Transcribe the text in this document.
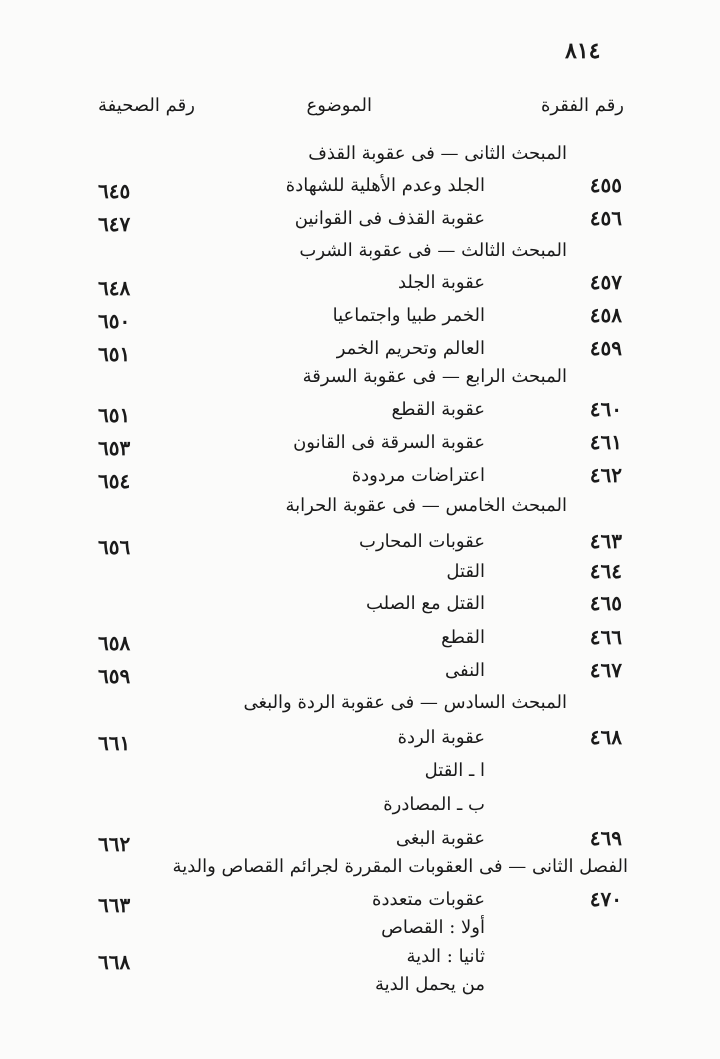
٨١٤
رقم الفقرة
الموضوع
رقم الصحيفة
المبحث الثانى — فى عقوبة القذف
٤٥٥
الجلد وعدم الأهلية للشهادة
٦٤٥
٤٥٦
عقوبة القذف فى القوانين
٦٤٧
المبحث الثالث — فى عقوبة الشرب
٤٥٧
عقوبة الجلد
٦٤٨
٤٥٨
الخمر طبيا واجتماعيا
٦٥٠
٤٥٩
العالم وتحريم الخمر
٦٥١
المبحث الرابع — فى عقوبة السرقة
٤٦٠
عقوبة القطع
٦٥١
٤٦١
عقوبة السرقة فى القانون
٦٥٣
٤٦٢
اعتراضات مردودة
٦٥٤
المبحث الخامس — فى عقوبة الحرابة
٤٦٣
عقوبات المحارب
٦٥٦
٤٦٤
القتل
٤٦٥
القتل مع الصلب
٤٦٦
القطع
٦٥٨
٤٦٧
النفى
٦٥٩
المبحث السادس — فى عقوبة الردة والبغى
٤٦٨
عقوبة الردة
٦٦١
ا ـ القتل
ب ـ المصادرة
٤٦٩
عقوبة البغى
٦٦٢
الفصل الثانى — فى العقوبات المقررة لجرائم القصاص والدية
٤٧٠
عقوبات متعددة
٦٦٣
أولا : القصاص
ثانيا : الدية
٦٦٨
من يحمل الدية
